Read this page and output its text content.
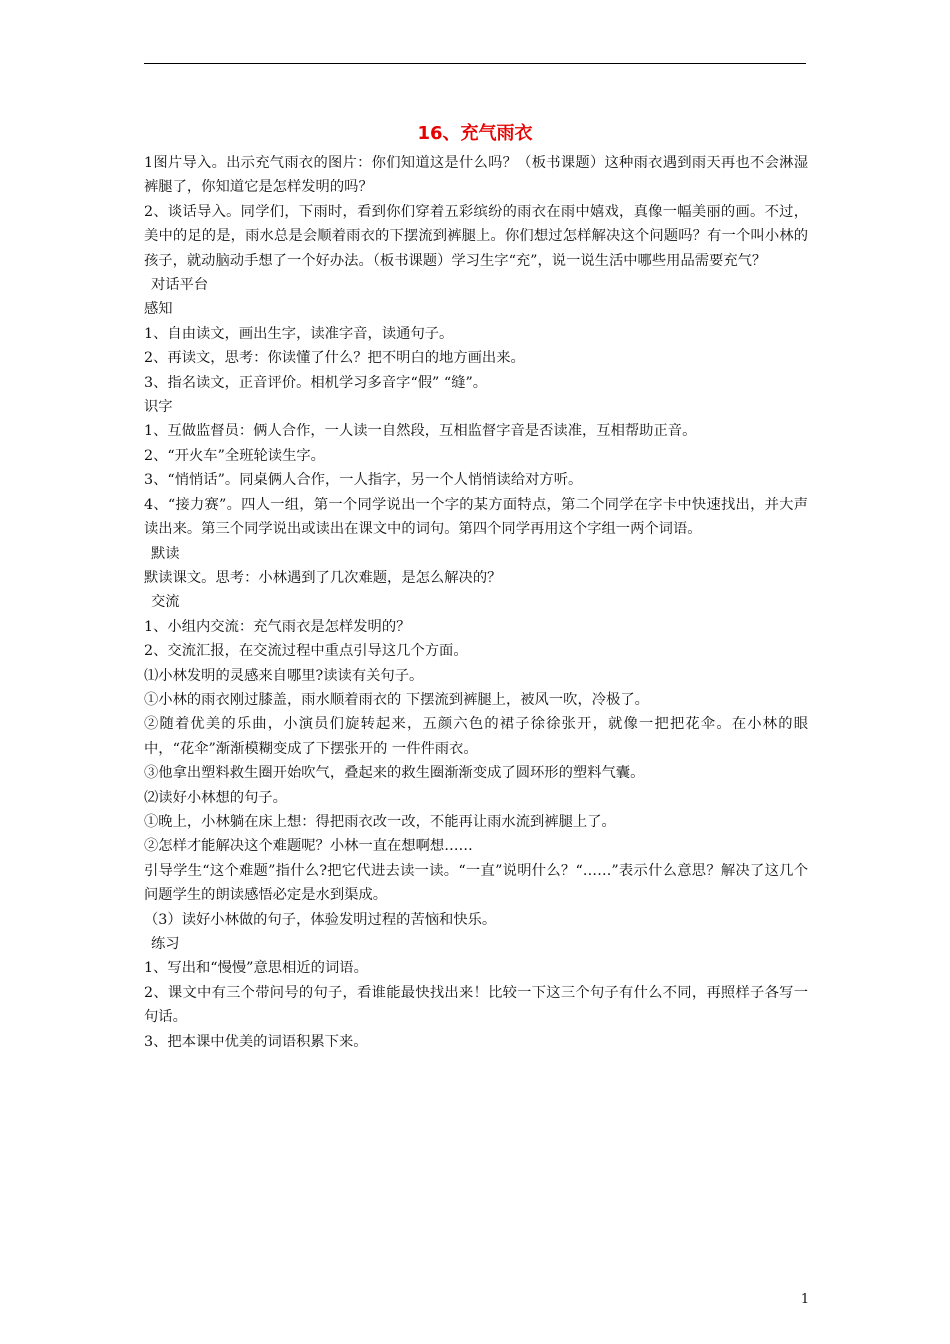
16、充气雨衣

1图片导入。出示充气雨衣的图片：你们知道这是什么吗？（板书课题）这种雨衣遇到雨天再也不会淋湿裤腿了，你知道它是怎样发明的吗？

2、谈话导入。同学们，下雨时，看到你们穿着五彩缤纷的雨衣在雨中嬉戏，真像一幅美丽的画。不过，美中的足的是，雨水总是会顺着雨衣的下摆流到裤腿上。你们想过怎样解决这个问题吗？有一个叫小林的孩子，就动脑动手想了一个好办法。（板书课题）学习生字“充”，说一说生活中哪些用品需要充气？

对话平台

感知

1、自由读文，画出生字，读准字音，读通句子。

2、再读文，思考：你读懂了什么？把不明白的地方画出来。

3、指名读文，正音评价。相机学习多音字“假” “缝”。

识字

1、互做监督员：俩人合作，一人读一自然段，互相监督字音是否读准，互相帮助正音。

2、“开火车”全班轮读生字。

3、“悄悄话”。同桌俩人合作，一人指字，另一个人悄悄读给对方听。

4、“接力赛”。四人一组，第一个同学说出一个字的某方面特点，第二个同学在字卡中快速找出，并大声读出来。第三个同学说出或读出在课文中的词句。第四个同学再用这个字组一两个词语。

默读

默读课文。思考：小林遇到了几次难题，是怎么解决的？

交流

1、小组内交流：充气雨衣是怎样发明的？

2、交流汇报，在交流过程中重点引导这几个方面。

⑴小林发明的灵感来自哪里?读读有关句子。

①小林的雨衣刚过膝盖，雨水顺着雨衣的 下摆流到裤腿上，被风一吹，冷极了。

②随着优美的乐曲，小演员们旋转起来，五颜六色的裙子徐徐张开，就像一把把花伞。在小林的眼中，“花伞”渐渐模糊变成了下摆张开的 一件件雨衣。

③他拿出塑料救生圈开始吹气，叠起来的救生圈渐渐变成了圆环形的塑料气囊。

⑵读好小林想的句子。

①晚上，小林躺在床上想：得把雨衣改一改，不能再让雨水流到裤腿上了。

②怎样才能解决这个难题呢？小林一直在想啊想……

引导学生“这个难题”指什么?把它代进去读一读。“一直”说明什么？“……”表示什么意思？解决了这几个问题学生的朗读感悟必定是水到渠成。

（3）读好小林做的句子，体验发明过程的苦恼和快乐。

练习

1、写出和“慢慢”意思相近的词语。

2、课文中有三个带问号的句子，看谁能最快找出来！比较一下这三个句子有什么不同，再照样子各写一句话。

3、把本课中优美的词语积累下来。

1
